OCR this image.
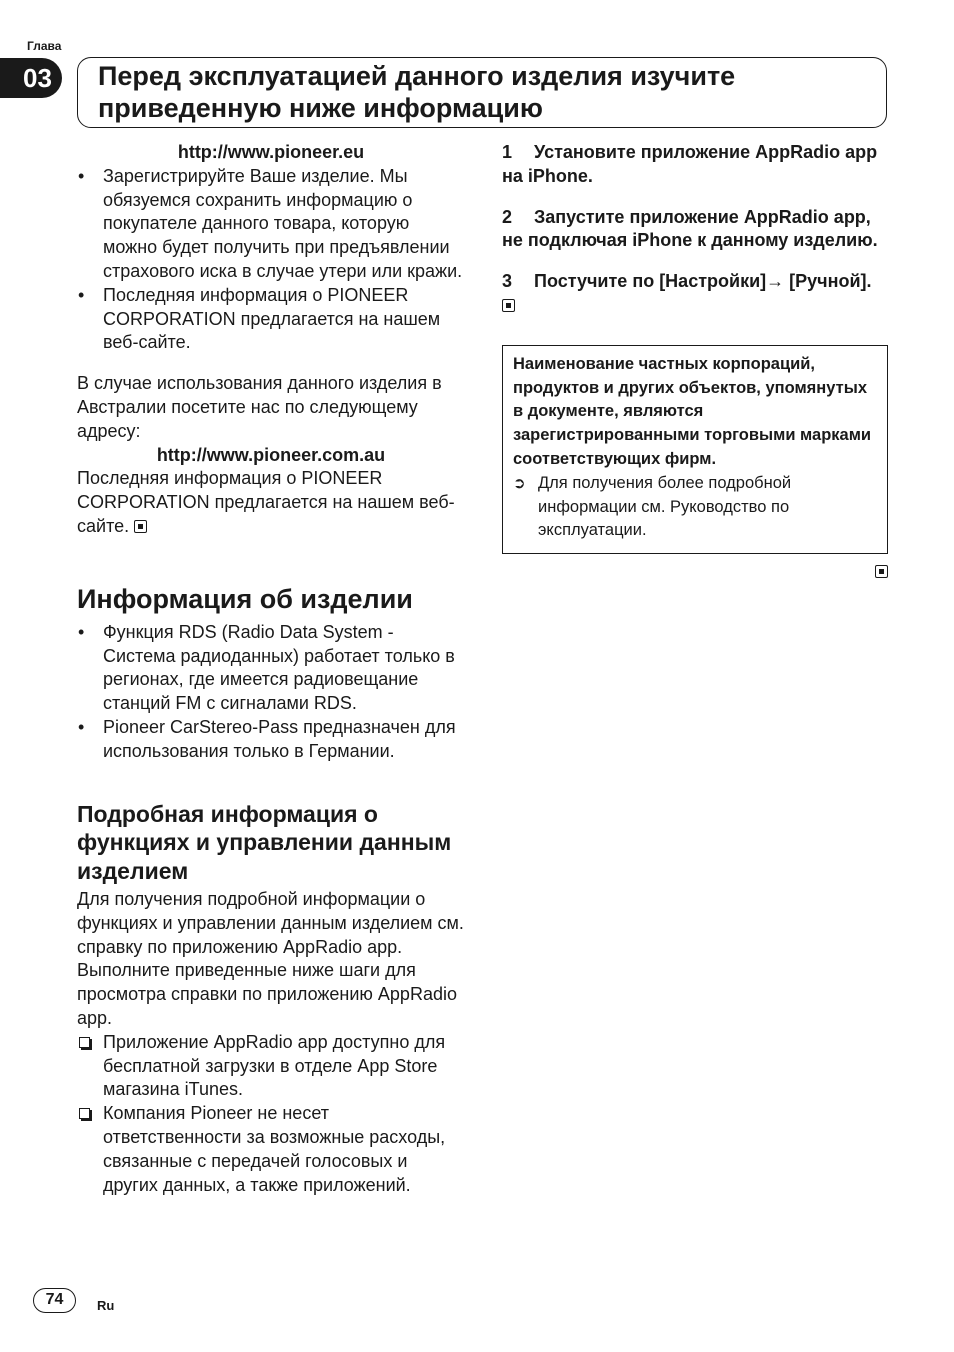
Глава
03	Перед эксплуатацией данного изделия изучите
приведенную ниже информацию

http://www.pioneer.eu

• Зарегистрируйте Ваше изделие. Мы обязуемся сохранить информацию о покупателе данного товара, которую можно будет получить при предъявлении страхового иска в случае утери или кражи.
• Последняя информация о PIONEER CORPORATION предлагается на нашем веб-сайте.

В случае использования данного изделия в Австралии посетите нас по следующему адресу:

http://www.pioneer.com.au

Последняя информация о PIONEER CORPORATION предлагается на нашем веб-сайте.

Информация об изделии
• Функция RDS (Radio Data System - Система радиоданных) работает только в регионах, где имеется радиовещание станций FM с сигналами RDS.
• Pioneer CarStereo-Pass предназначен для использования только в Германии.
Подробная информация о функциях и управлении данным изделием

Для получения подробной информации о функциях и управлении данным изделием см. справку по приложению AppRadio app. Выполните приведенные ниже шаги для просмотра справки по приложению AppRadio app.

Приложение AppRadio app доступно для бесплатной загрузки в отделе App Store магазина iTunes.
Компания Pioneer не несет ответственности за возможные расходы, связанные с передачей голосовых и других данных, а также приложений.

1 Установите приложение AppRadio app на iPhone.

2 Запустите приложение AppRadio app, не подключая iPhone к данному изделию.

3 Постучите по [Настройки]→ [Ручной].

Наименование частных корпораций, продуктов и других объектов, упомянутых в документе, являются зарегистрированными торговыми марками соответствующих фирм.

➲ Для получения более подробной информации см. Руководство по эксплуатации.

74	Ru
